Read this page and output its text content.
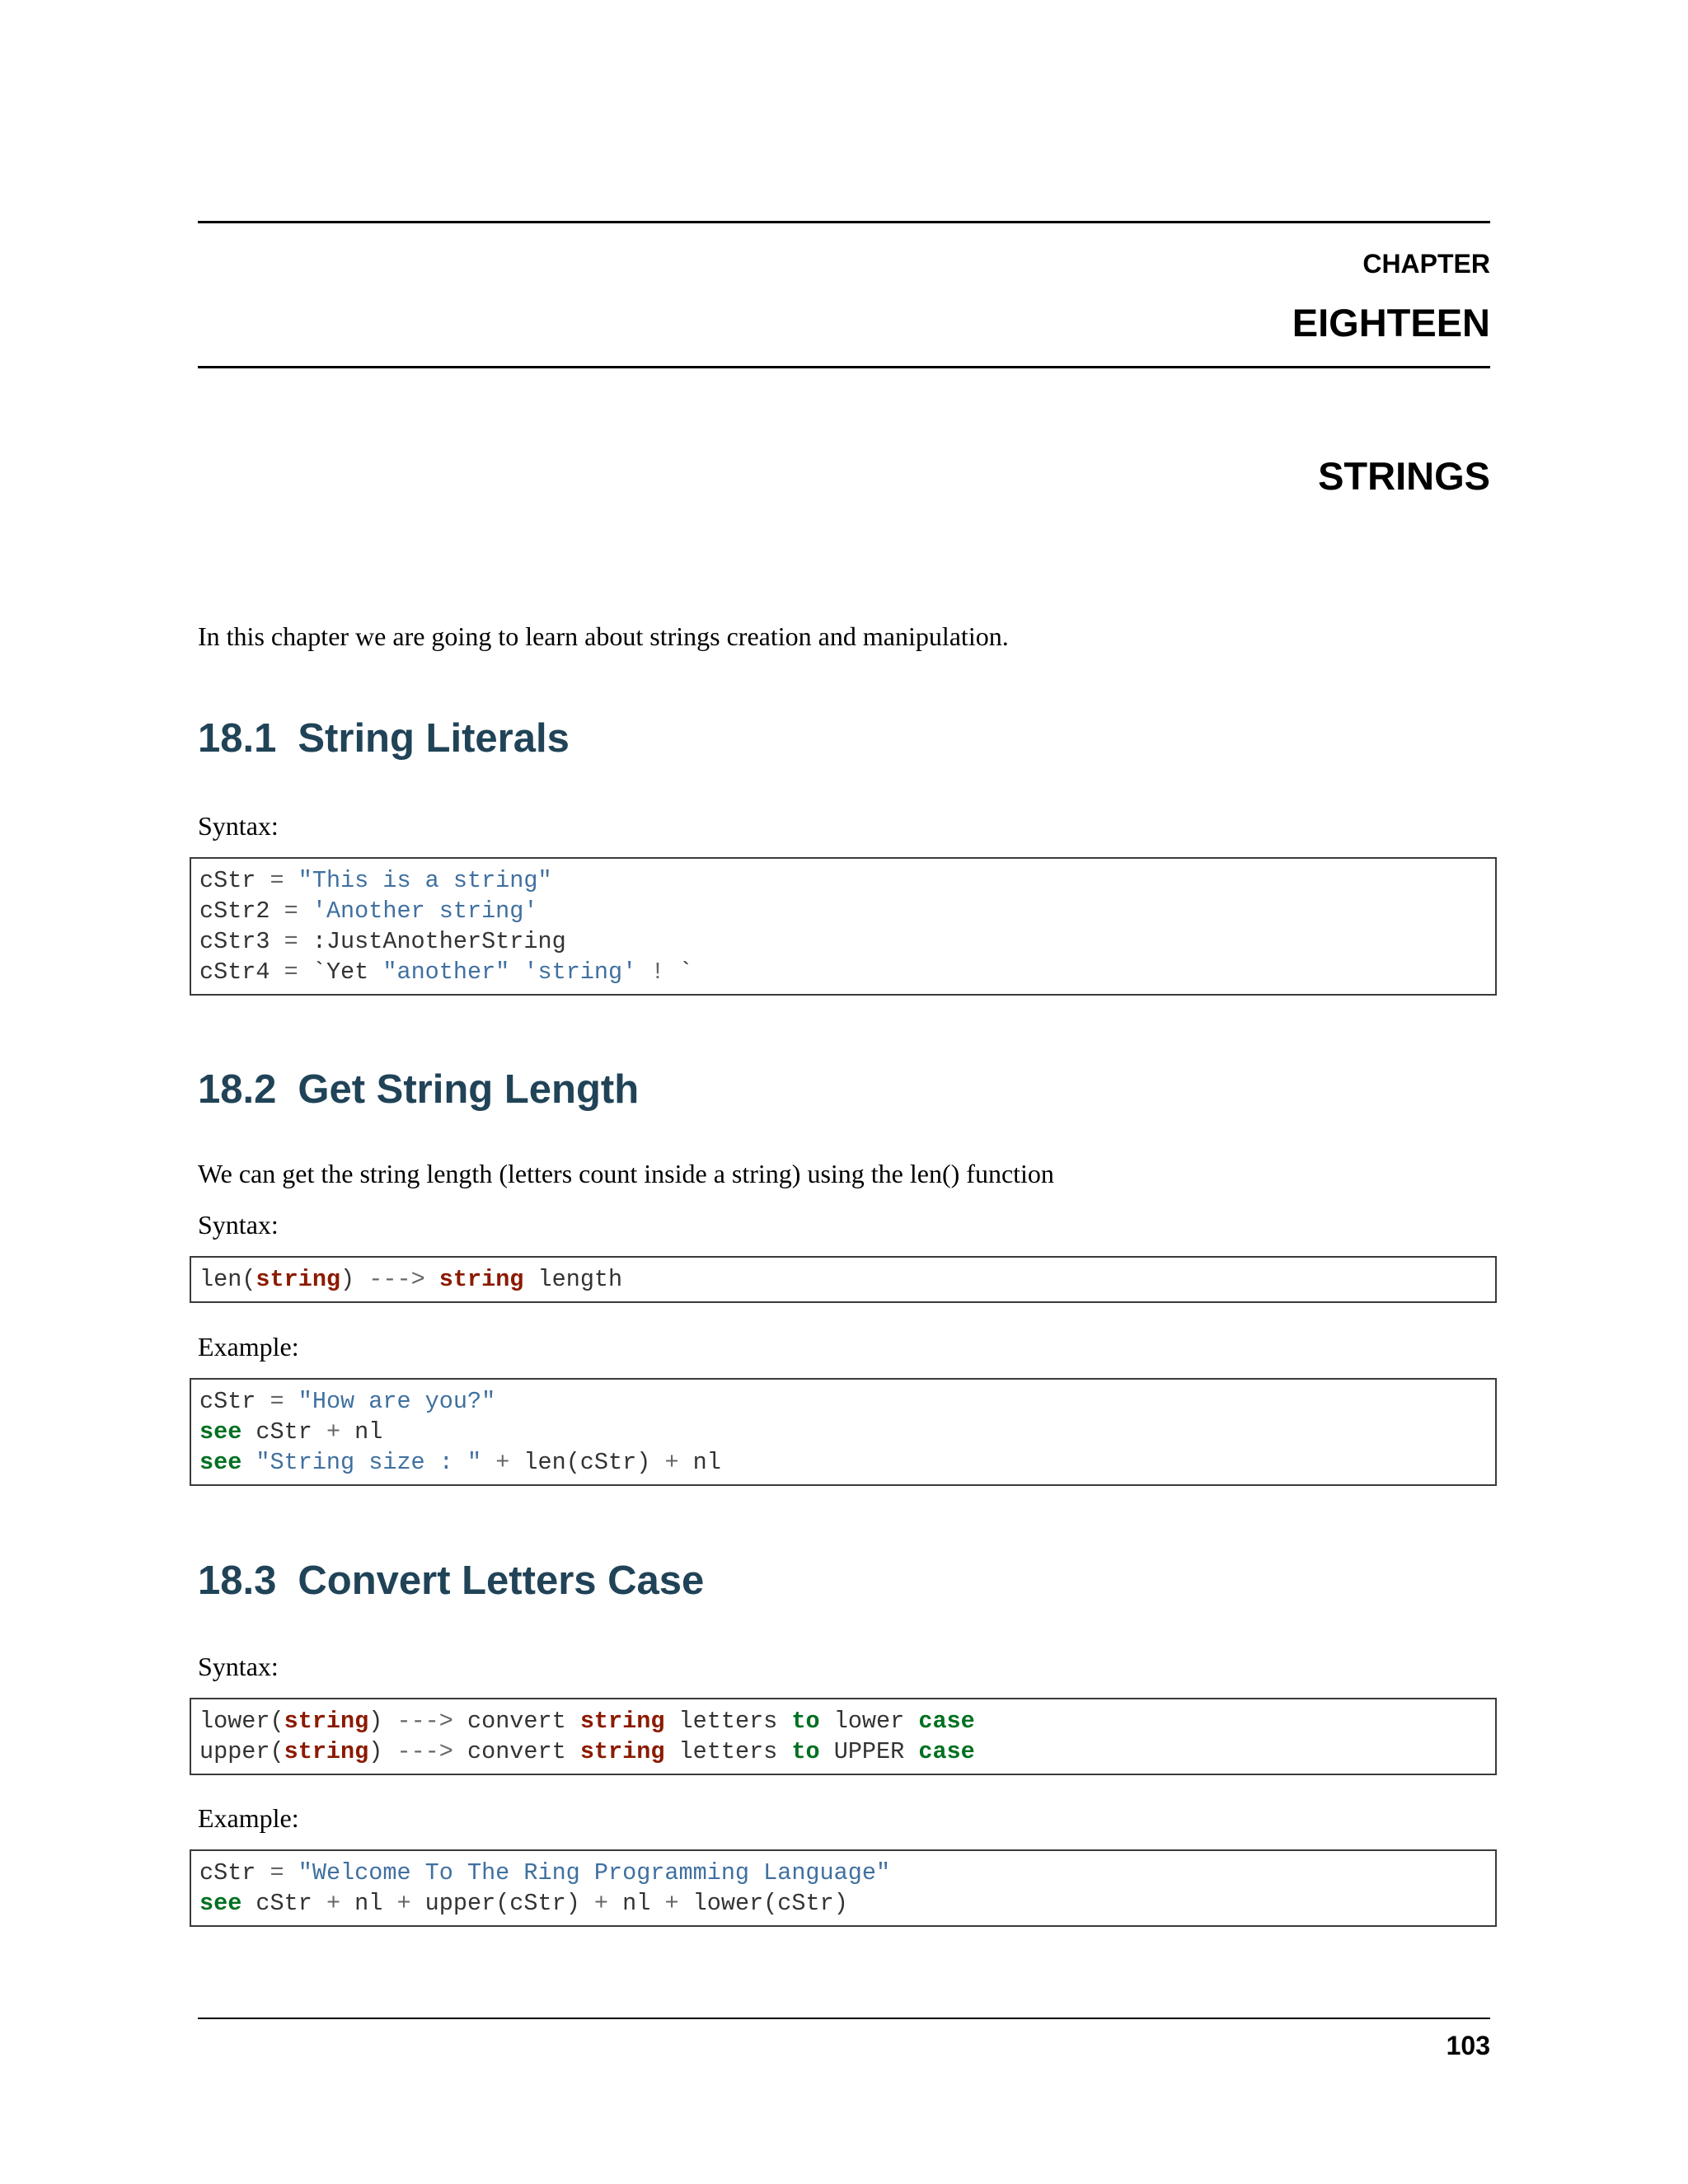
CHAPTER
EIGHTEEN
STRINGS
In this chapter we are going to learn about strings creation and manipulation.
18.1 String Literals
Syntax:
cStr = "This is a string"
cStr2 = 'Another string'
cStr3 = :JustAnotherString
cStr4 = `Yet "another" 'string' ! `
18.2 Get String Length
We can get the string length (letters count inside a string) using the len() function
Syntax:
len(string) ---> string length
Example:
cStr = "How are you?"
see cStr + nl
see "String size : " + len(cStr) + nl
18.3 Convert Letters Case
Syntax:
lower(string) ---> convert string letters to lower case
upper(string) ---> convert string letters to UPPER case
Example:
cStr = "Welcome To The Ring Programming Language"
see cStr + nl + upper(cStr) + nl + lower(cStr)
103
